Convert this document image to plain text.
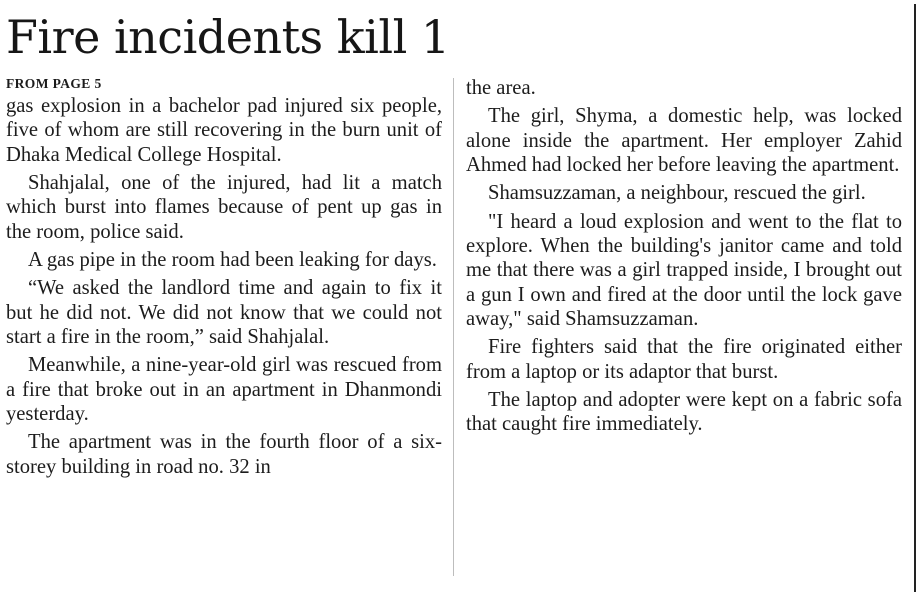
Fire incidents kill 1
FROM PAGE 5

gas explosion in a bachelor pad injured six people, five of whom are still recovering in the burn unit of Dhaka Medical College Hospital.

Shahjalal, one of the injured, had lit a match which burst into flames because of pent up gas in the room, police said.

A gas pipe in the room had been leaking for days.

“We asked the landlord time and again to fix it but he did not. We did not know that we could not start a fire in the room,” said Shahjalal.

Meanwhile, a nine-year-old girl was rescued from a fire that broke out in an apartment in Dhanmondi yesterday.

The apartment was in the fourth floor of a six-storey building in road no. 32 in

the area.

The girl, Shyma, a domestic help, was locked alone inside the apartment. Her employer Zahid Ahmed had locked her before leaving the apartment.

Shamsuzzaman, a neighbour, rescued the girl.

"I heard a loud explosion and went to the flat to explore. When the building's janitor came and told me that there was a girl trapped inside, I brought out a gun I own and fired at the door until the lock gave away," said Shamsuzzaman.

Fire fighters said that the fire originated either from a laptop or its adaptor that burst.

The laptop and adopter were kept on a fabric sofa that caught fire immediately.
